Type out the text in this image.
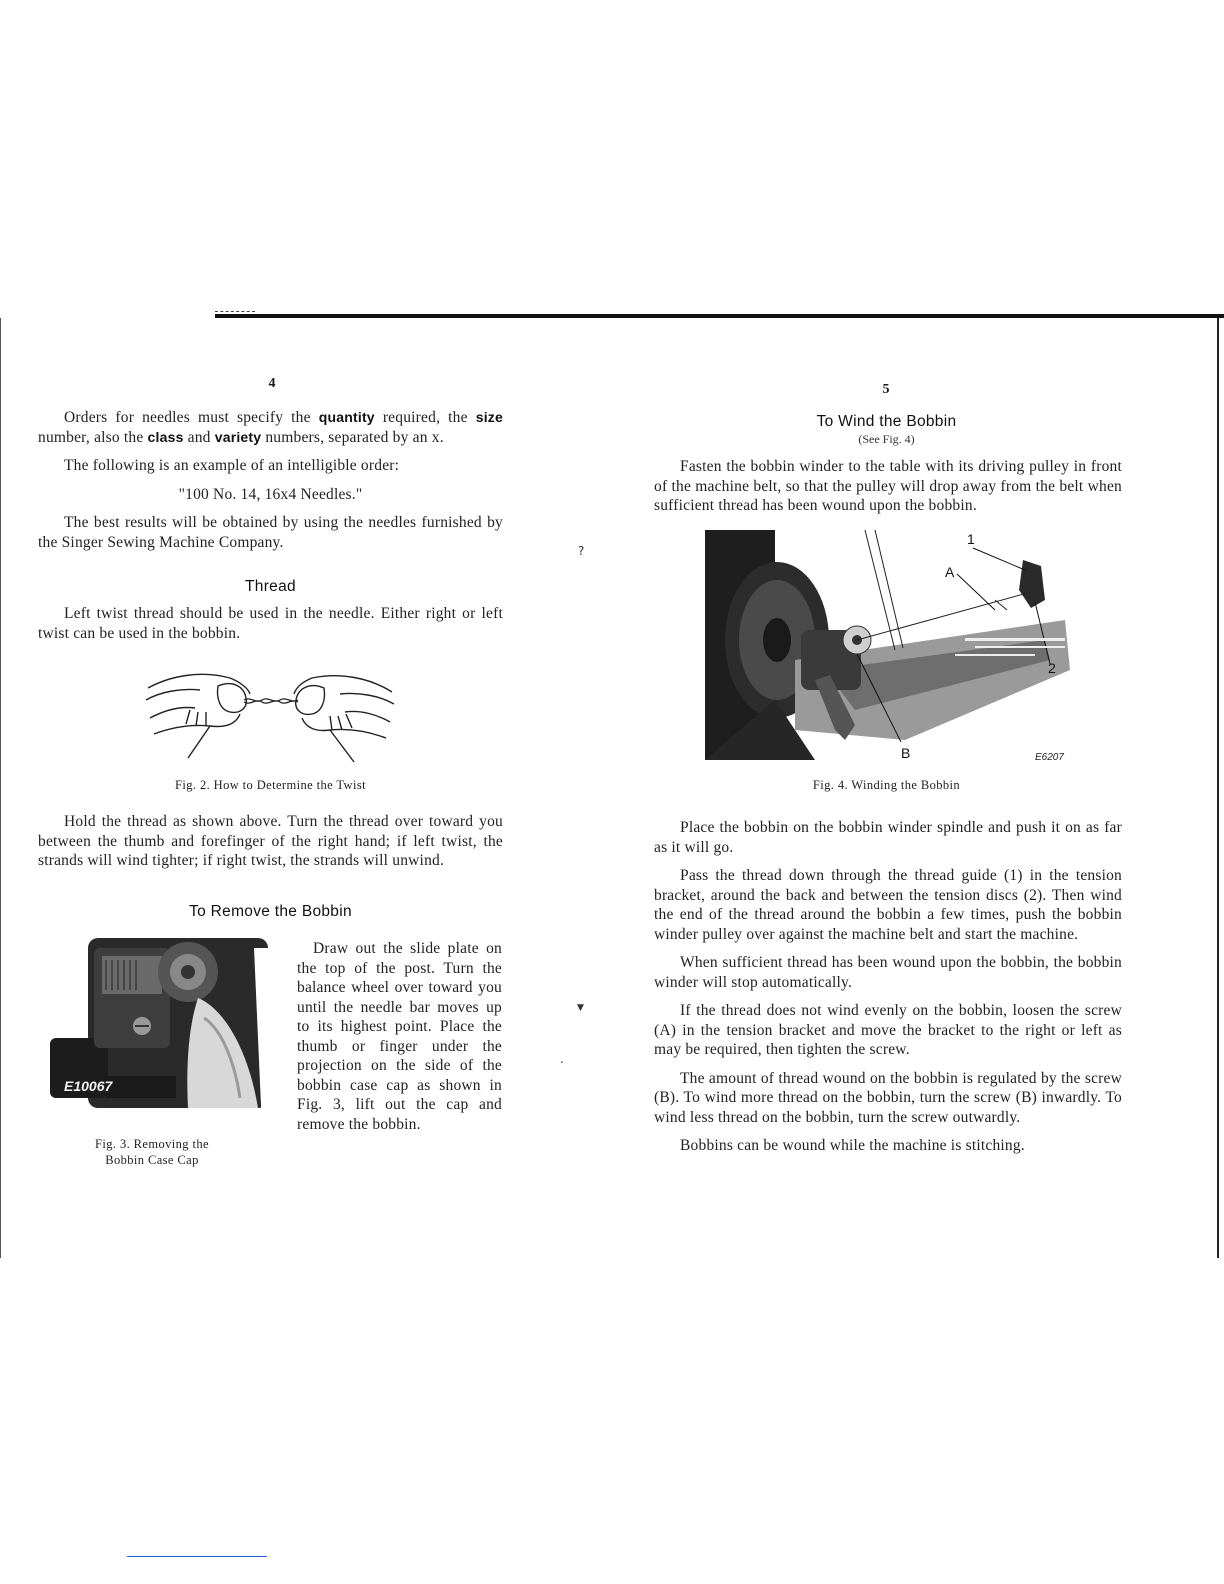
4

Orders for needles must specify the quantity required, the size number, also the class and variety numbers, separated by an x.

The following is an example of an intelligible order:

"100 No. 14, 16x4 Needles."

The best results will be obtained by using the needles furnished by the Singer Sewing Machine Company.

Thread

Left twist thread should be used in the needle. Either right or left twist can be used in the bobbin.

Fig. 2. How to Determine the Twist

Hold the thread as shown above. Turn the thread over toward you between the thumb and forefinger of the right hand; if left twist, the strands will wind tighter; if right twist, the strands will unwind.

To Remove the Bobbin
E10067
Fig. 3. Removing the
Bobbin Case Cap

Draw out the slide plate on the top of the post. Turn the balance wheel over toward you until the needle bar moves up to its highest point. Place the thumb or finger under the projection on the side of the bobbin case cap as shown in Fig. 3, lift out the cap and remove the bobbin.

?
▼
.
5
To Wind the Bobbin
(See Fig. 4)

Fasten the bobbin winder to the table with its driving pulley in front of the machine belt, so that the pulley will drop away from the belt when sufficient thread has been wound upon the bobbin.

1
A
2
B	E6207
Fig. 4. Winding the Bobbin

Place the bobbin on the bobbin winder spindle and push it on as far as it will go.

Pass the thread down through the thread guide (1) in the tension bracket, around the back and between the tension discs (2). Then wind the end of the thread around the bobbin a few times, push the bobbin winder pulley over against the machine belt and start the machine.

When sufficient thread has been wound upon the bobbin, the bobbin winder will stop automatically.

If the thread does not wind evenly on the bobbin, loosen the screw (A) in the tension bracket and move the bracket to the right or left as may be required, then tighten the screw.

The amount of thread wound on the bobbin is regulated by the screw (B). To wind more thread on the bobbin, turn the screw (B) inwardly. To wind less thread on the bobbin, turn the screw outwardly.

Bobbins can be wound while the machine is stitching.
